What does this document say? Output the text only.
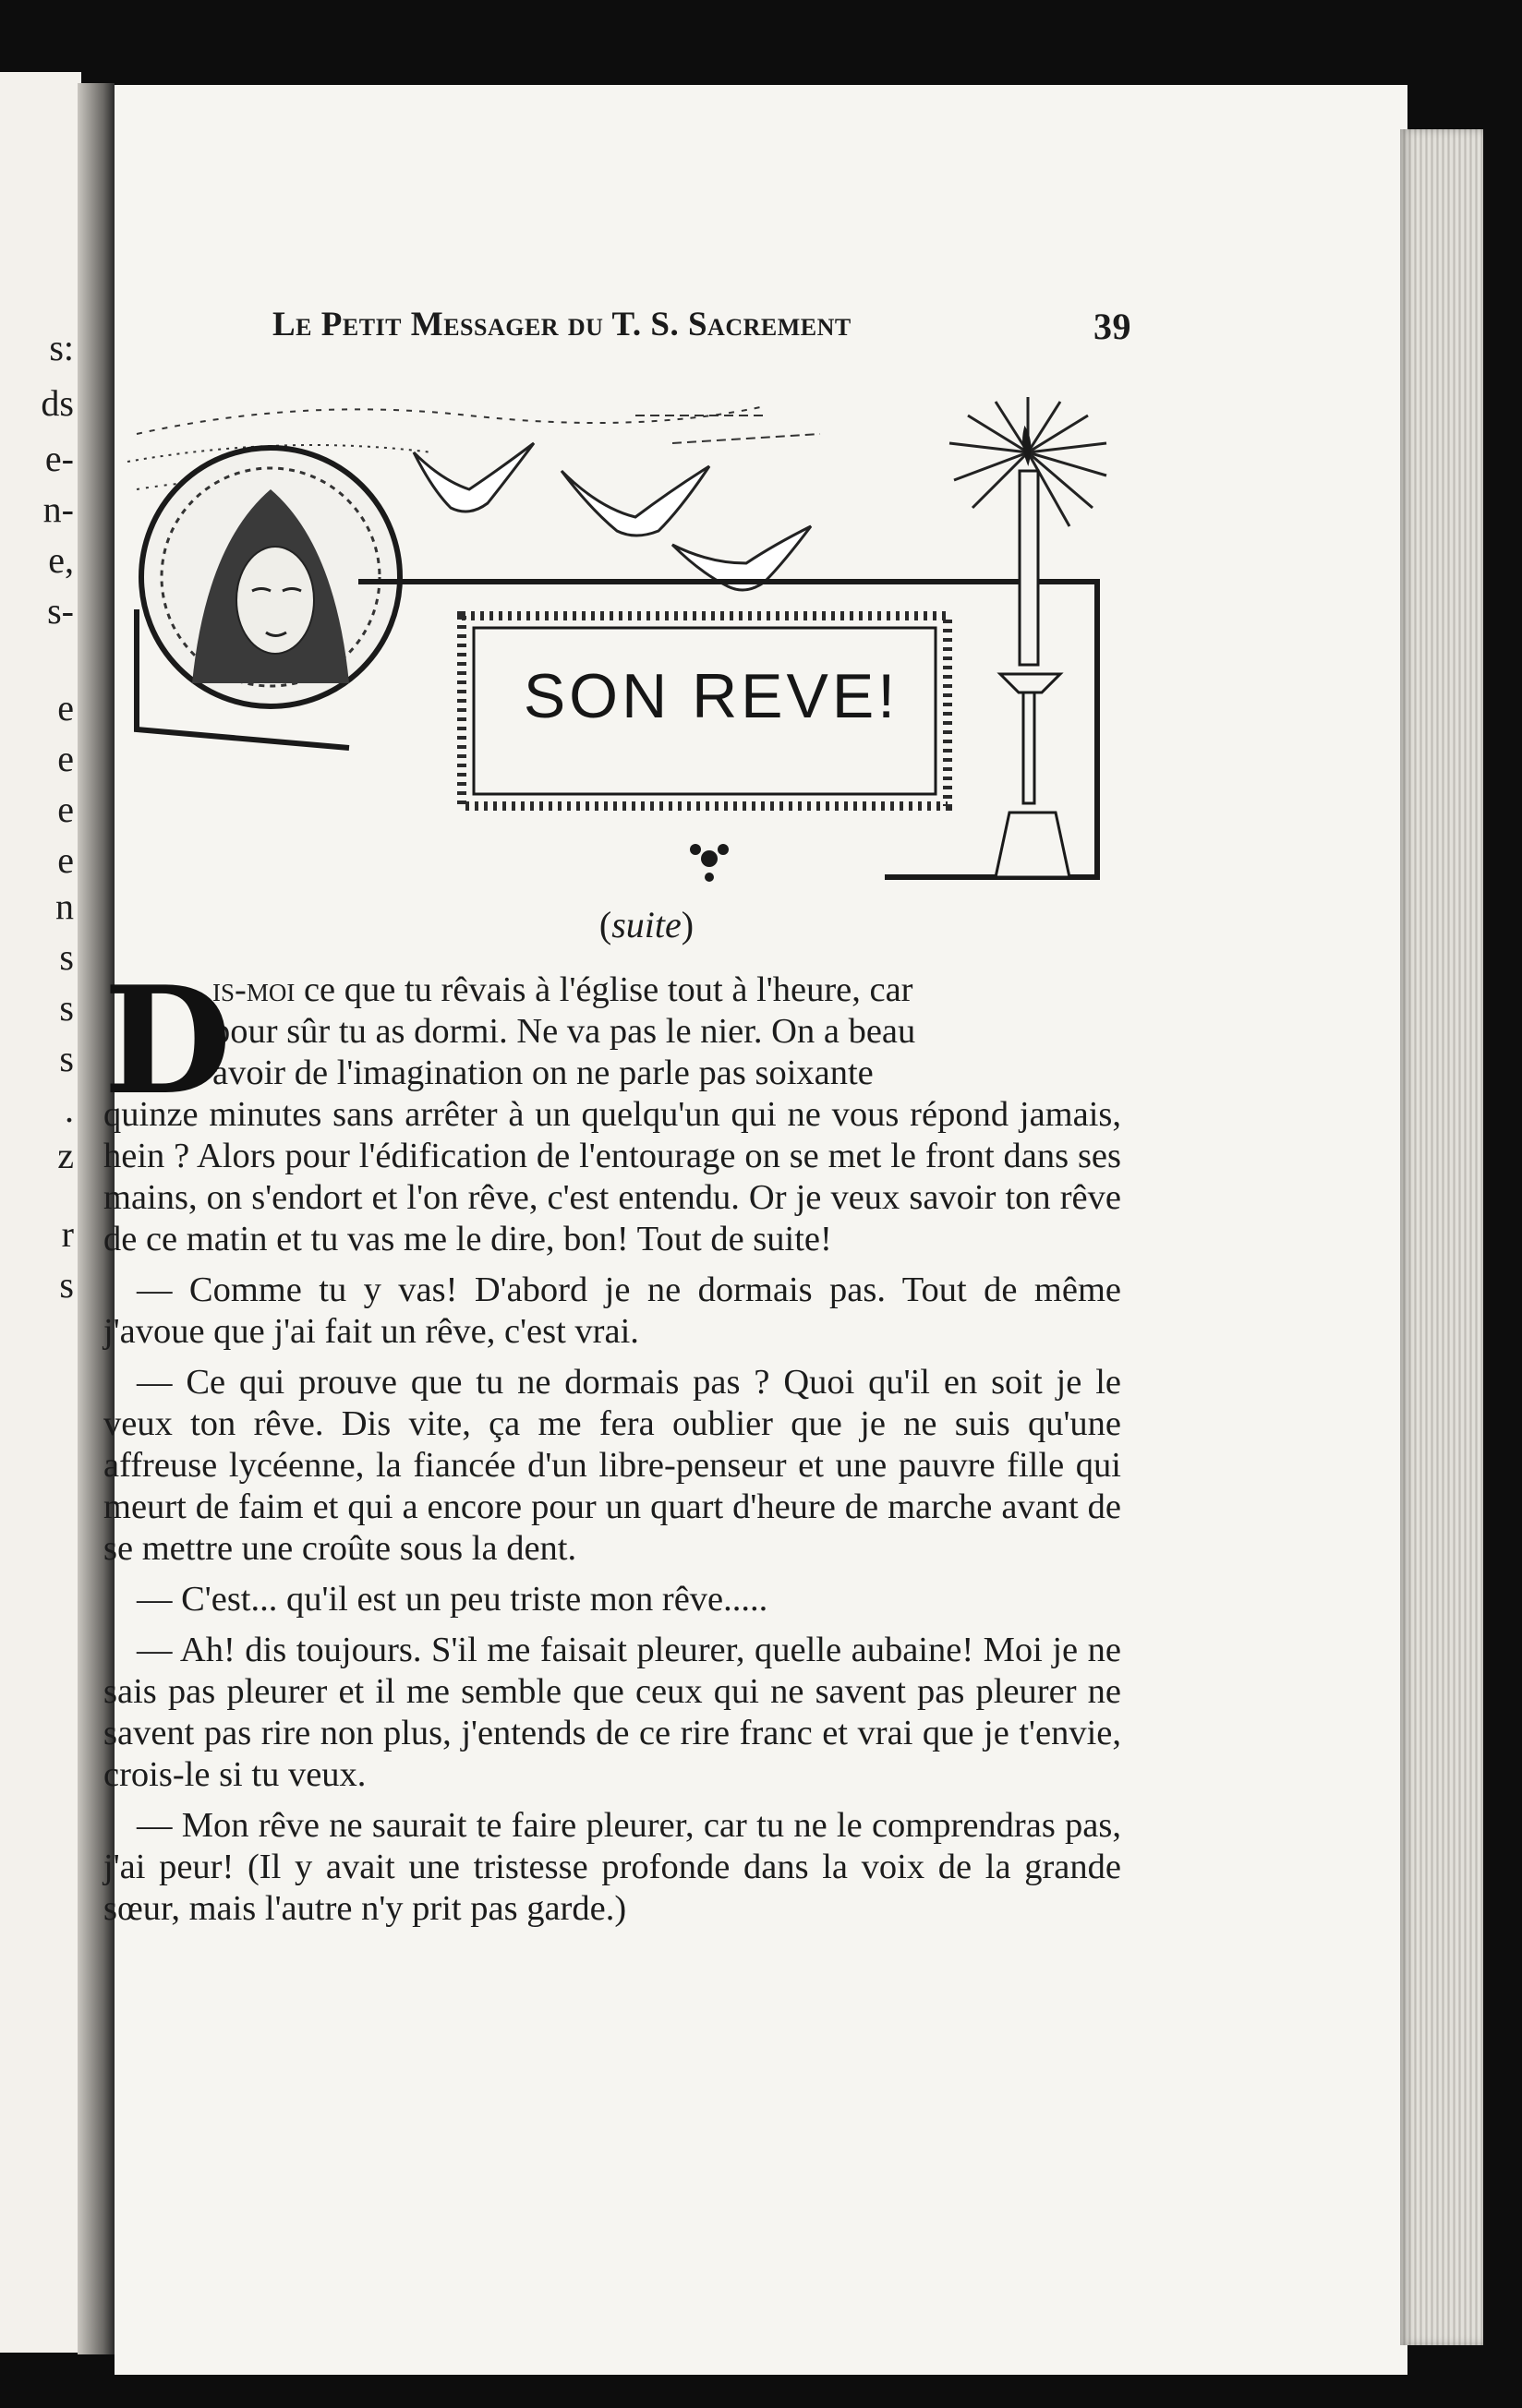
s:
ds
e-
n-
e,
s-
e
e
e
e
n
s
s
s
.
z
r
s
Le Petit Messager du T. S. Sacrement	39
SON REVE!
(suite)
D
is-moi ce que tu rêvais à l'église tout à l'heure, car
pour sûr tu as dormi. Ne va pas le nier. On a beau
avoir de l'imagination on ne parle pas soixante
quinze minutes sans arrêter à un quelqu'un qui ne vous répond jamais, hein ? Alors pour l'édification de l'entourage on se met le front dans ses mains, on s'endort et l'on rêve, c'est entendu. Or je veux savoir ton rêve de ce matin et tu vas me le dire, bon! Tout de suite!

— Comme tu y vas! D'abord je ne dormais pas. Tout de même j'avoue que j'ai fait un rêve, c'est vrai.

— Ce qui prouve que tu ne dormais pas ? Quoi qu'il en soit je le veux ton rêve. Dis vite, ça me fera oublier que je ne suis qu'une affreuse lycéenne, la fiancée d'un libre-penseur et une pauvre fille qui meurt de faim et qui a encore pour un quart d'heure de marche avant de se mettre une croûte sous la dent.

— C'est... qu'il est un peu triste mon rêve.....

— Ah! dis toujours. S'il me faisait pleurer, quelle aubaine! Moi je ne sais pas pleurer et il me semble que ceux qui ne savent pas pleurer ne savent pas rire non plus, j'entends de ce rire franc et vrai que je t'envie, crois-le si tu veux.

— Mon rêve ne saurait te faire pleurer, car tu ne le comprendras pas, j'ai peur! (Il y avait une tristesse profonde dans la voix de la grande sœur, mais l'autre n'y prit pas garde.)
